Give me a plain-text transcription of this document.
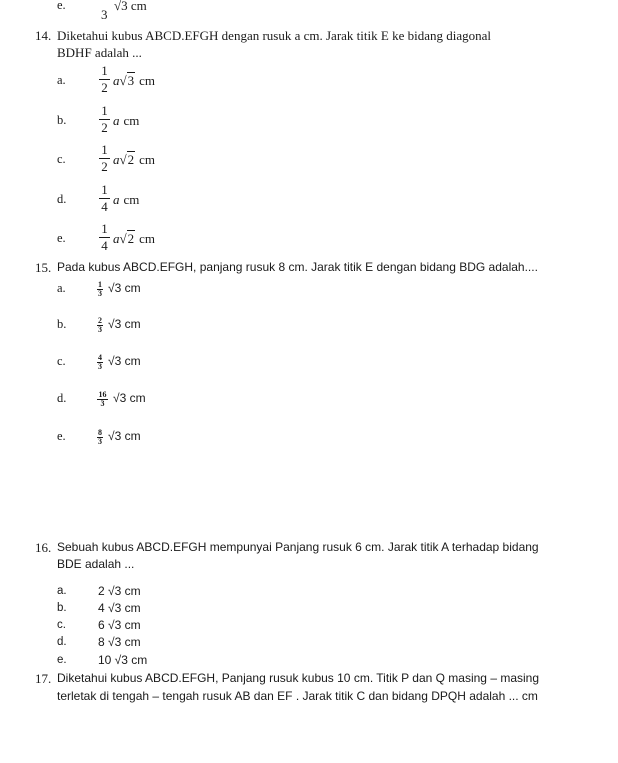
e.
3
√3 cm
14. Diketahui kubus ABCD.EFGH dengan rusuk a cm. Jarak titik E ke bidang diagonal
BDHF adalah ...
a.
1
2 a√3 cm
b.
1
2 a cm
c.
1
2 a√2 cm
d.
1
4 a cm
e.
1
4 a√2 cm
15. Pada kubus ABCD.EFGH, panjang rusuk 8 cm. Jarak titik E dengan bidang BDG adalah....
a.	1
3 √3 cm
b.	2
3 √3 cm
c.	4
3 √3 cm
d.	16
3 √3 cm
e.	8
3 √3 cm
16. Sebuah kubus ABCD.EFGH mempunyai Panjang rusuk 6 cm. Jarak titik A terhadap bidang
BDE adalah ...
a.	2 √3 cm
b.	4 √3 cm
c.	6 √3 cm
d.	8 √3 cm
e.	10 √3 cm
17. Diketahui kubus ABCD.EFGH, Panjang rusuk kubus 10 cm. Titik P dan Q masing – masing
terletak di tengah – tengah rusuk AB dan EF . Jarak titik C dan bidang DPQH adalah ... cm
